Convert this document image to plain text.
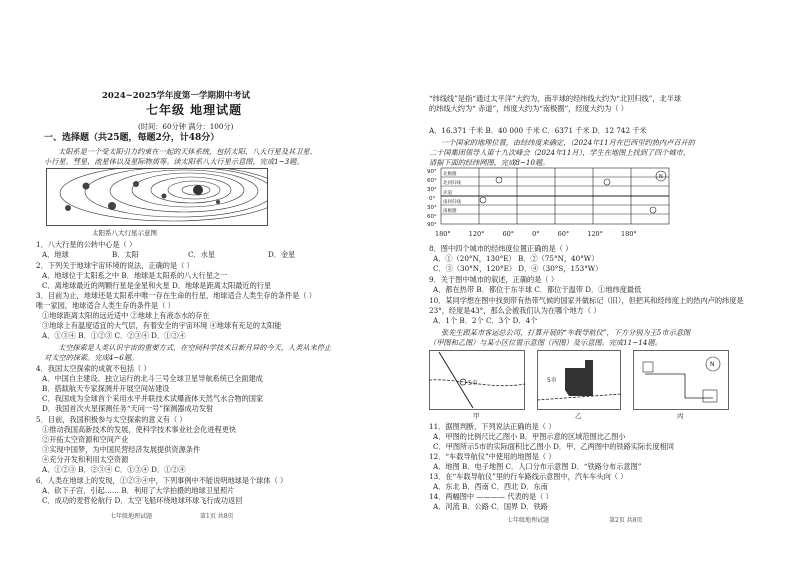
2024~2025学年度第一学期期中考试
七年级 地理试题
(时间：60分钟 满分：100分)
一、选择题（共25题，每题2分，计48分）
太阳系是一个受太阳引力约束在一起的天体系统，包括太阳、八大行星及其卫星、
小行星、彗星、流星体以及星际物质等。读太阳系八大行星示意图，完成1~3题。
太阳系八大行星示意图
1．八大行星的公转中心是（ ）
A．地球	B．太阳	C．水星	D．金星
2．下列关于地球宇宙环境的说法，正确的是（ ）
A．地球位于太阳系之中 B．地球是太阳系的八大行星之一
C．离地球最近的两颗行星是金星和火星 D．地球是距离太阳最近的行星
3．目前为止，地球还是太阳系中唯一存在生命的行星，地球适合人类生存的条件是（ ）
唯一家园，地球适合人类生存的条件是（ ）
①地球距离太阳的远近适中 ②地球上有液态水的存在
③地球上有温度适宜的大气层，有着安全的宇宙环境 ④地球有充足的太阳能
A．①③④ B．①②③ C．②③④ D．①②④
太空探索是人类认识宇宙的重要方式，在空间科学技术日新月异的今天，人类从未停止
对太空的探索。完成4~6题。
4．我国太空探索的成就不包括（ ）
A．中国自主建设、独立运行的北斗三号全球卫星导航系统已全面建成
B．搭载航天专家探测并开展空间站建设
C．我国成为全球首个采用水平并联技术试爆液体天然气水合物的国家
D．我国首次火星探测任务“天问一号”探测器成功发射
5．目前，我国积极参与太空探索的意义有（ ）
①推动我国高新技术的发展，使科学技术事业社会化进程更快
②开拓太空资源和空间产业
③实现中国梦，为中国民营经济发展提供资源条件
④充分开发和利用太空资源
A．①②③ B．②③④ C．①③④ D．①②④
6．人类在地球上的发现，①②③④中，下列事例中不能说明地球是个球体（ ）
A．砍下子宫，引起…… B．利用了大学拍摄的地球卫星照片
C．成功的麦哲伦航行 D．太空飞船环绕地球环球飞行成功返回
七年级地理试题	第1页 共8页
“纬线线”是指“通过太平洋”大约为，南半球的经纬线大约为“北回归线”，北半球
的纬线大约为“ 赤道”，纬度大约为“南极圈”，经度大约为（ ）
A．16.371 千米 B．40 000 千米 C．6371 千米 D．12 742 千米
一个国家的地理位置，由经纬度来确定，（2024年11月在巴西里约热内卢召开的
二十国集团领导人第十九次峰会（2024年11月），学生在地图上找到了四个城市，
请据下面的经纬网图，完成8~10题。
90°
60°
30°
0°
30°
60°
90°
北极圈
北回归线
赤道
南回归线
南极圈
N
180°	120°	60°	0°	60°	120°	180°
8．图中四个城市的经纬度位置正确的是（ ）
A．①（20°N，130°E） B．②（75°N，40°W）
C．③（30°N，120°E） D．④（30°S，153°W）
9．关于图中城市的叙述，正确的是（ ）
A．都在热带 B．都位于东半球 C．都位于温带 D．①地纬度最低
10．某同学想在图中找到带有热带气候的国家并做标记（旧），但把其和经纬度上的热内卢的纬度是
23°，经度是43°，那么会被我们认为在哪个地方（ ）
A．1个 B．2个 C．3个 D．4个
张先生跟某市客运总公司，打算开展的“车载导航仪”，下方分别为王5市示意图
（甲图和乙图）与某小区位置示意图（丙图）及示意图。完成11~14题。
5市
甲
5市
乙
N
丙
11．据图判断，下列说法正确的是（ ）
A．甲图的比例尺比乙图小 B．甲图示意的区域范围比乙图小
C．甲图所示5市的实际面积比乙图小 D．甲、乙两图中的铁路实际长度相同
12．“车载导航仪”中使用的地图是（ ）
A．地图 B．电子地图 C．人口分布示意图 D．“铁路分布示意图”
13．在“车载导航仪”里的行车路线示意图中，汽车车头向（ ）
A．东北 B．西南 C．西北 D．东南
14．两幅图中 ———— 代表的是（ ）
A．河流 B．公路 C．国界 D．铁路
七年级地理试题	第2页 共8页
